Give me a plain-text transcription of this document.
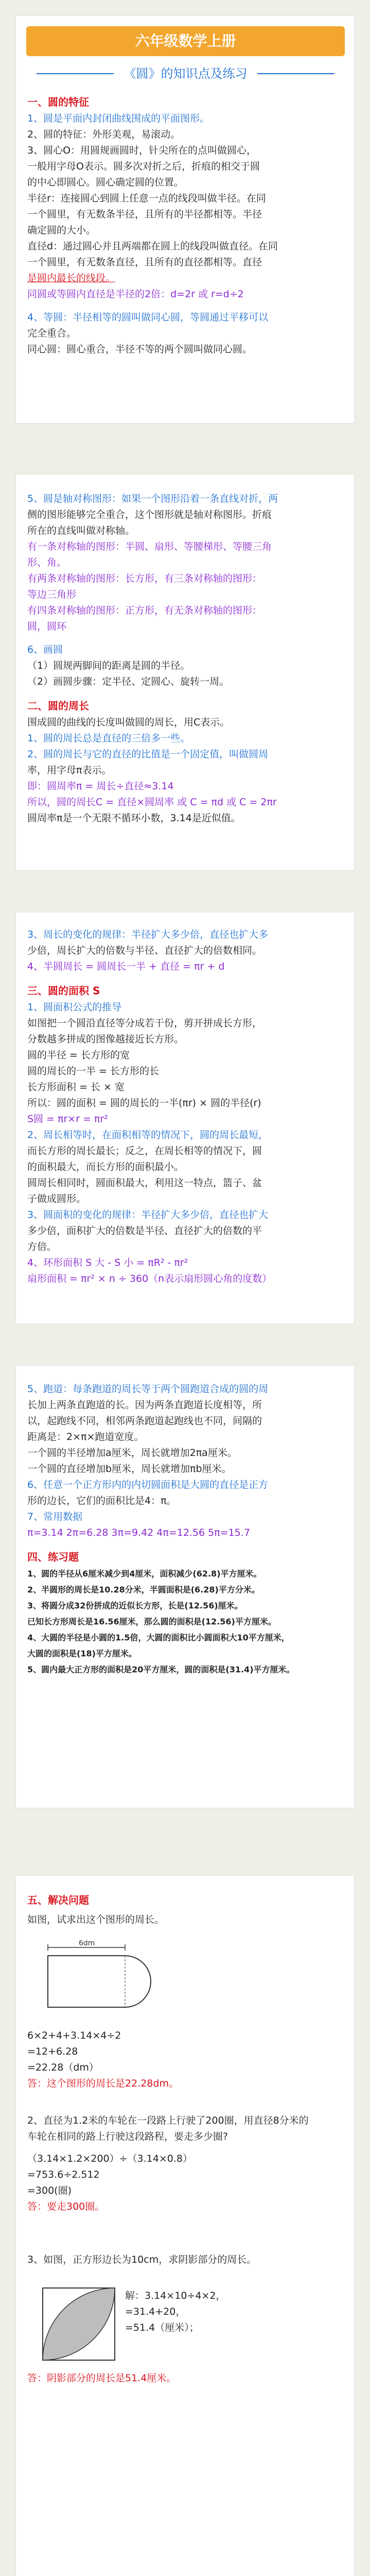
六年级数学上册
《圆》的知识点及练习
一、圆的特征
1、圆是平面内封闭曲线围成的平面图形。
2、圆的特征：外形美观，易滚动。
3、圆心O：用圆规画圆时，针尖所在的点叫做圆心，
一般用字母O表示。圆多次对折之后，折痕的相交于圆
的中心即圆心。圆心确定圆的位置。
半径r：连接圆心到圆上任意一点的线段叫做半径。在同
一个圆里，有无数条半径，且所有的半径都相等。半径
确定圆的大小。
直径d：通过圆心并且两端都在圆上的线段叫做直径。在同
一个圆里，有无数条直径，且所有的直径都相等。直径
是圆内最长的线段。
同圆或等圆内直径是半径的2倍：d=2r 或 r=d÷2
4、等圆：半径相等的圆叫做同心圆，等圆通过平移可以
完全重合。
同心圆：圆心重合，半径不等的两个圆叫做同心圆。
5、圆是轴对称图形：如果一个图形沿着一条直线对折，两
侧的图形能够完全重合，这个图形就是轴对称图形。折痕
所在的直线叫做对称轴。
有一条对称轴的图形：半圆、扇形、等腰梯形、等腰三角
形、角。
有两条对称轴的图形：长方形，有三条对称轴的图形：
等边三角形
有四条对称轴的图形：正方形，有无条对称轴的图形：
圆，圆环
6、画圆
（1）圆规两脚间的距离是圆的半径。
（2）画圆步骤：定半径、定圆心、旋转一周。
二、圆的周长
围成圆的曲线的长度叫做圆的周长，用C表示。
1、圆的周长总是直径的三倍多一些。
2、圆的周长与它的直径的比值是一个固定值，叫做圆周
率，用字母π表示。
即：圆周率π = 周长÷直径≈3.14
所以，圆的周长C = 直径×圆周率 或 C = πd 或 C = 2πr
圆周率π是一个无限不循环小数，3.14是近似值。
3、周长的变化的规律：半径扩大多少倍，直径也扩大多
少倍，周长扩大的倍数与半径、直径扩大的倍数相同。
4、半圆周长 = 圆周长一半 + 直径 = πr + d
三、圆的面积 S
1、圆面积公式的推导
如图把一个圆沿直径等分成若干份，剪开拼成长方形，
分数越多拼成的图像越接近长方形。
圆的半径 = 长方形的宽
圆的周长的一半 = 长方形的长
长方形面积 = 长 × 宽
所以：圆的面积 = 圆的周长的一半(πr) × 圆的半径(r)
S圆 = πr×r = πr²
2、周长相等时，在面积相等的情况下，圆的周长最短，
而长方形的周长最长；反之，在周长相等的情况下，圆
的面积最大，而长方形的面积最小。
圆周长相同时，圆面积最大，利用这一特点，篮子、盆
子做成圆形。
3、圆面积的变化的规律：半径扩大多少倍，直径也扩大
多少倍，面积扩大的倍数是半径、直径扩大的倍数的平
方倍。
4、环形面积 S 大 - S 小 = πR² - πr²
扇形面积 = πr² × n ÷ 360（n表示扇形圆心角的度数）
5、跑道：每条跑道的周长等于两个圆跑道合成的圆的周
长加上两条直跑道的长。因为两条直跑道长度相等，所
以，起跑线不同，相邻两条跑道起跑线也不同，间隔的
距离是：2×π×跑道宽度。
一个圆的半径增加a厘米，周长就增加2πa厘米。
一个圆的直径增加b厘米，周长就增加πb厘米。
6、任意一个正方形内的内切圆面积是大圆的直径是正方
形的边长，它们的面积比是4：π。
7、常用数据
π=3.14 2π=6.28 3π=9.42 4π=12.56 5π=15.7
四、练习题
1、圆的半径从6厘米减少到4厘米，面积减少(62.8)平方厘米。
2、半圆形的周长是10.28分米，半圆面积是(6.28)平方分米。
3、将圆分成32份拼成的近似长方形，长是(12.56)厘米。
已知长方形周长是16.56厘米，那么圆的面积是(12.56)平方厘米。
4、大圆的半径是小圆的1.5倍，大圆的面积比小圆面积大10平方厘米，
大圆的面积是(18)平方厘米。
5、圆内最大正方形的面积是20平方厘米，圆的面积是(31.4)平方厘米。
五、解决问题
如图，试求出这个图形的周长。
6dm
6×2+4+3.14×4÷2
=12+6.28
=22.28（dm）
答：这个图形的周长是22.28dm。
2、直径为1.2米的车轮在一段路上行驶了200圈，用直径8分米的
车轮在相同的路上行驶这段路程，要走多少圈?
（3.14×1.2×200）÷（3.14×0.8）
=753.6÷2.512
=300(圈)
答：要走300圈。
3、如图，正方形边长为10cm，求阴影部分的周长。
解：3.14×10÷4×2，
=31.4+20，
=51.4（厘米）；
答：阴影部分的周长是51.4厘米。
